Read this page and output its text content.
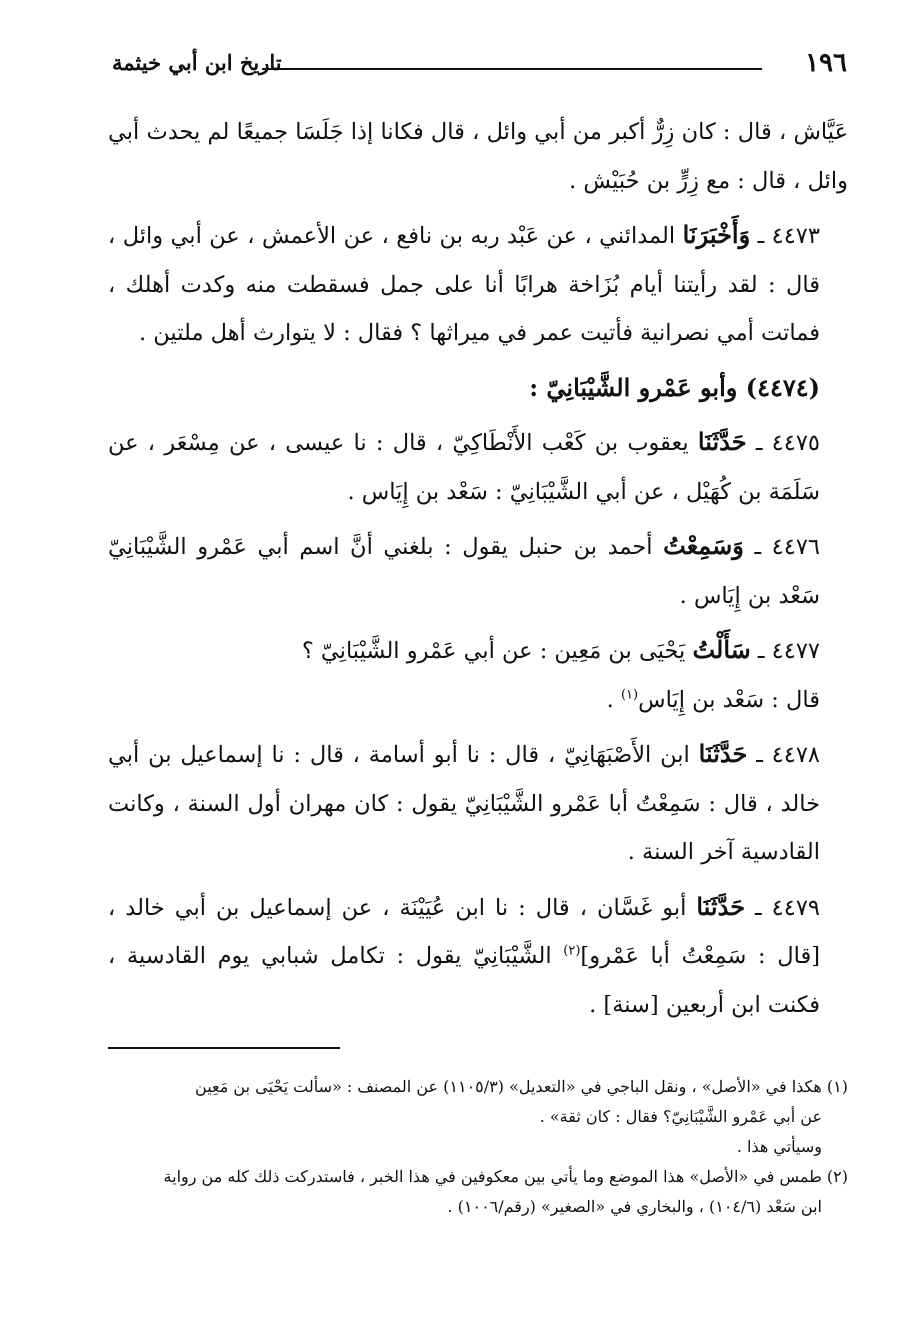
١٩٦
تاريخ ابن أبي خيثمة

عَيَّاش ، قال : كان زِرٌّ أكبر من أبي وائل ، قال فكانا إذا جَلَسَا جميعًا لم يحدث أبي وائل ، قال : مع زِرٍّ بن حُبَيْش .

٤٤٧٣ ـ وَأَخْبَرَنَا المدائني ، عن عَبْد ربه بن نافع ، عن الأعمش ، عن أبي وائل ، قال : لقد رأيتنا أيام بُزَاخة هرابًا أنا على جمل فسقطت منه وكدت أهلك ، فماتت أمي نصرانية فأتيت عمر في ميراثها ؟ فقال : لا يتوارث أهل ملتين .

(٤٤٧٤) وأبو عَمْرو الشَّيْبَانِيّ :

٤٤٧٥ ـ حَدَّثَنَا يعقوب بن كَعْب الأَنْطَاكِيّ ، قال : نا عيسى ، عن مِسْعَر ، عن سَلَمَة بن كُهَيْل ، عن أبي الشَّيْبَانِيّ : سَعْد بن إِيَاس .

٤٤٧٦ ـ وَسَمِعْتُ أحمد بن حنبل يقول : بلغني أنَّ اسم أبي عَمْرو الشَّيْبَانِيّ سَعْد بن إِيَاس .

٤٤٧٧ ـ سَأَلْتُ يَحْيَى بن مَعِين : عن أبي عَمْرو الشَّيْبَانِيّ ؟

قال : سَعْد بن إِيَاس$^{(١)}$ .

٤٤٧٨ ـ حَدَّثَنَا ابن الأَصْبَهَانِيّ ، قال : نا أبو أسامة ، قال : نا إسماعيل بن أبي خالد ، قال : سَمِعْتُ أبا عَمْرو الشَّيْبَانِيّ يقول : كان مهران أول السنة ، وكانت القادسية آخر السنة .

٤٤٧٩ ـ حَدَّثَنَا أبو غَسَّان ، قال : نا ابن عُيَيْنَة ، عن إسماعيل بن أبي خالد ، [قال : سَمِعْتُ أبا عَمْرو]$^{(٢)}$ الشَّيْبَانِيّ يقول : تكامل شبابي يوم القادسية ، فكنت ابن أربعين [سنة] .

(١) هكذا في «الأصل» ، ونقل الباجي في «التعديل» (١١٠٥/٣) عن المصنف : «سألت يَحْيَى بن مَعِين

عن أبي عَمْرو الشَّيْبَانِيّ؟ فقال : كان ثقة» .

وسيأتي هذا .

(٢) طمس في «الأصل» هذا الموضع وما يأتي بين معكوفين في هذا الخبر ، فاستدركت ذلك كله من رواية

ابن سَعْد (١٠٤/٦) ، والبخاري في «الصغير» (رقم/١٠٠٦) .
